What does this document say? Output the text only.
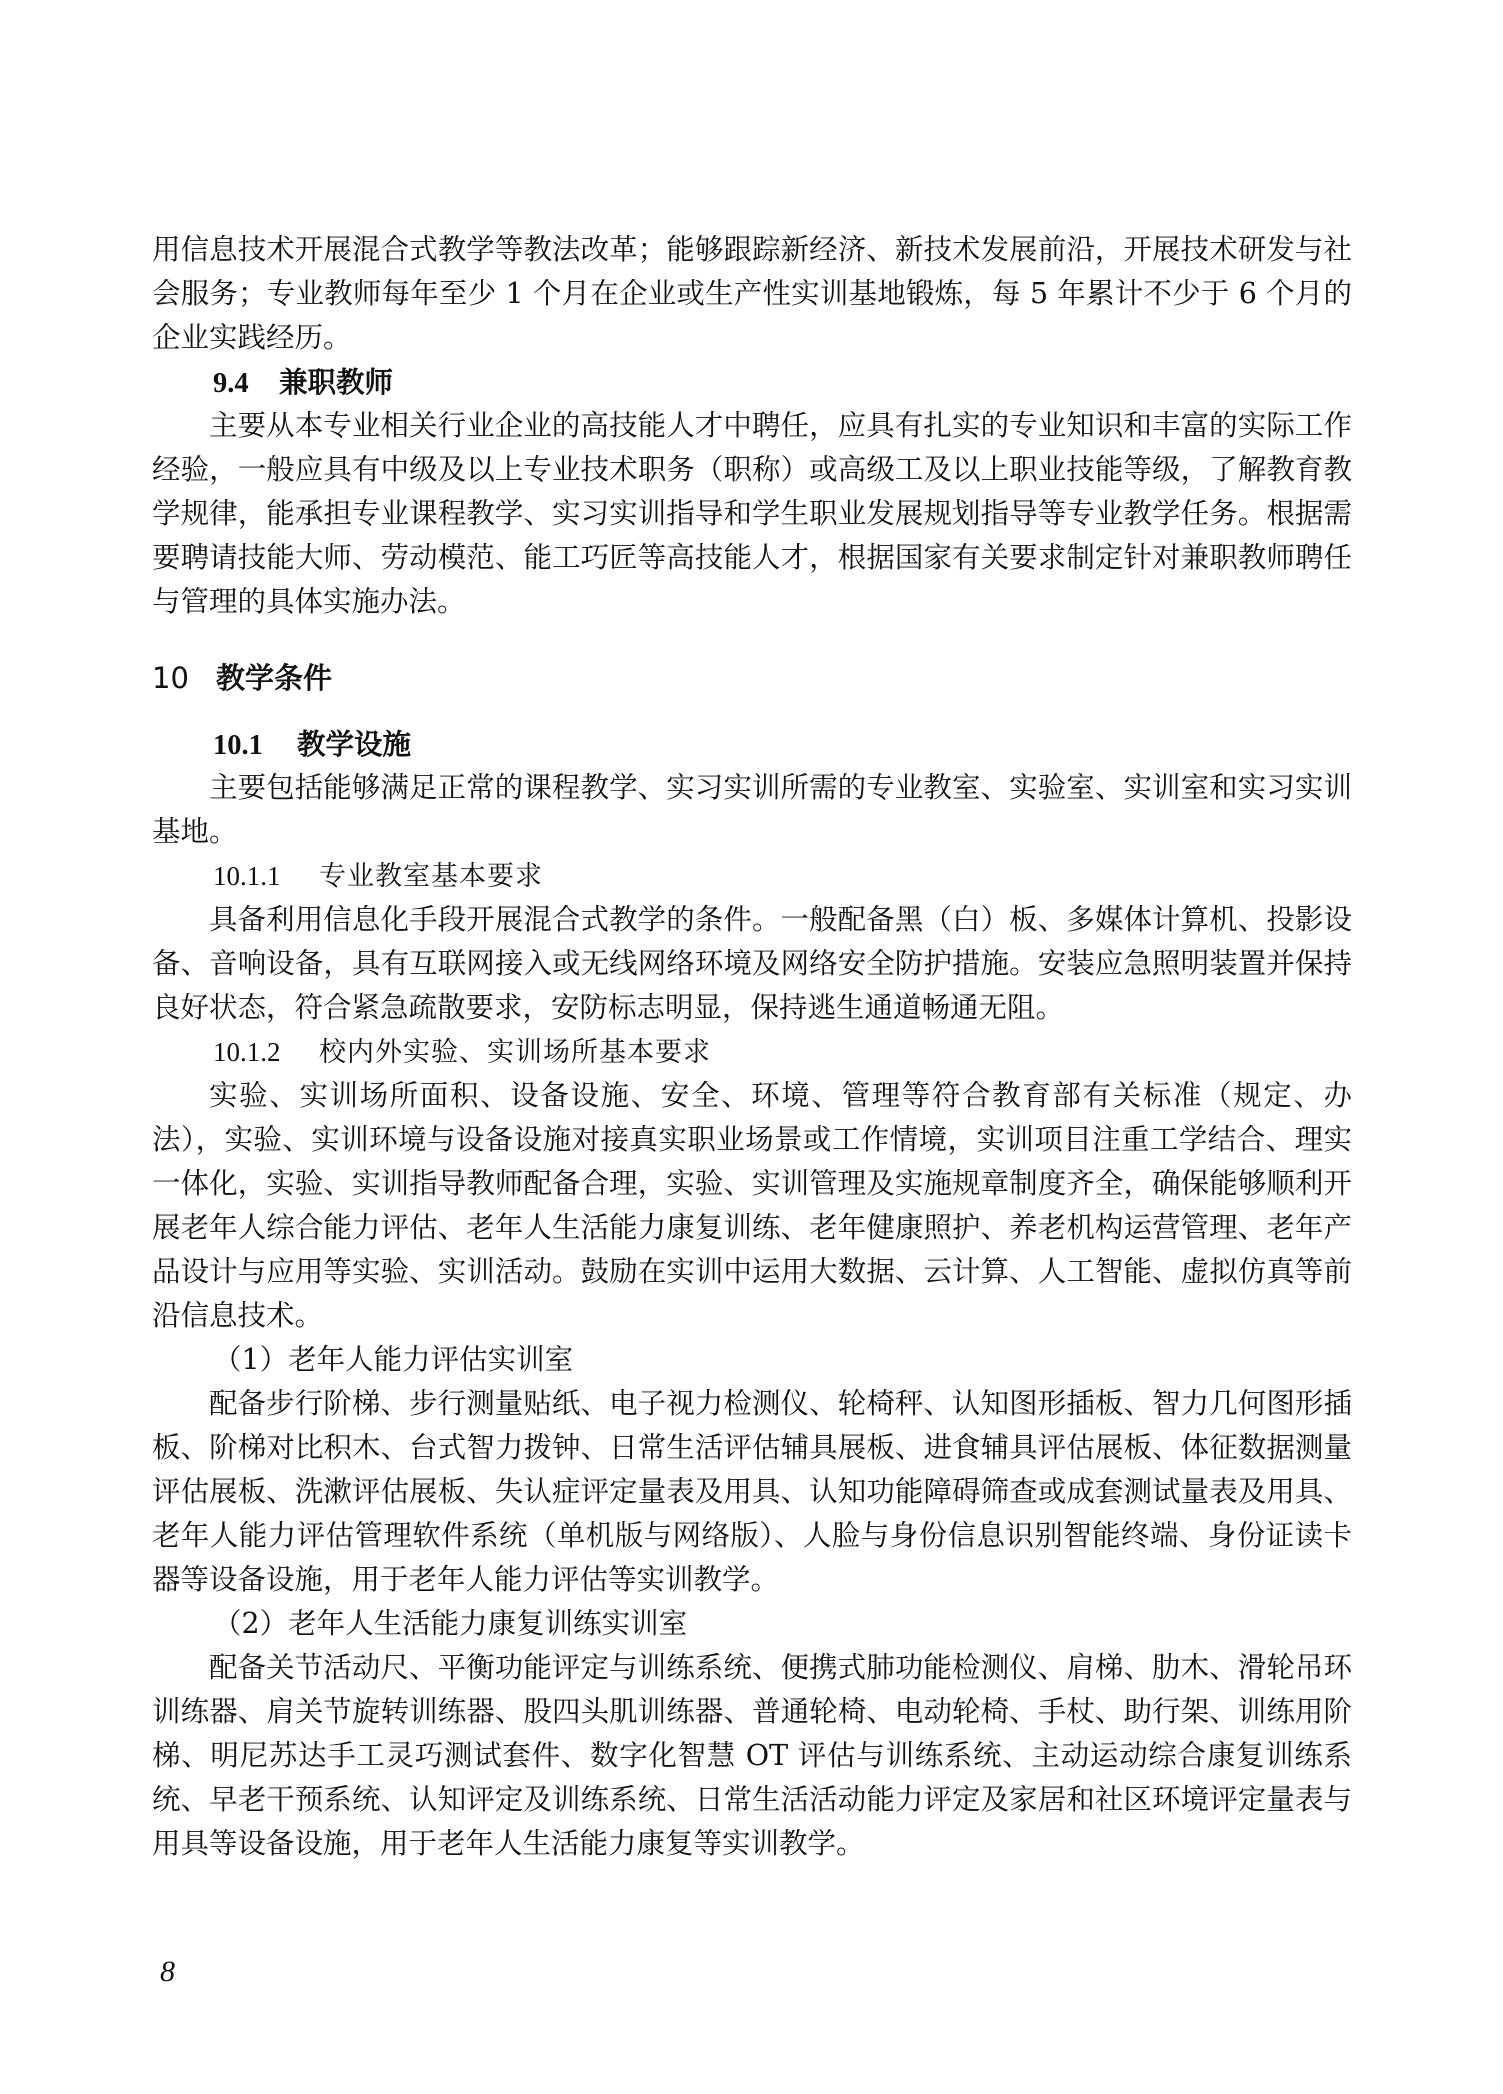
用信息技术开展混合式教学等教法改革；能够跟踪新经济、新技术发展前沿，开展技术研发与社会服务；专业教师每年至少 1 个月在企业或生产性实训基地锻炼，每 5 年累计不少于 6 个月的企业实践经历。

9.4 兼职教师

主要从本专业相关行业企业的高技能人才中聘任，应具有扎实的专业知识和丰富的实际工作经验，一般应具有中级及以上专业技术职务（职称）或高级工及以上职业技能等级，了解教育教学规律，能承担专业课程教学、实习实训指导和学生职业发展规划指导等专业教学任务。根据需要聘请技能大师、劳动模范、能工巧匠等高技能人才，根据国家有关要求制定针对兼职教师聘任与管理的具体实施办法。

10 教学条件
10.1 教学设施

主要包括能够满足正常的课程教学、实习实训所需的专业教室、实验室、实训室和实习实训基地。

10.1.1 专业教室基本要求

具备利用信息化手段开展混合式教学的条件。一般配备黑（白）板、多媒体计算机、投影设备、音响设备，具有互联网接入或无线网络环境及网络安全防护措施。安装应急照明装置并保持良好状态，符合紧急疏散要求，安防标志明显，保持逃生通道畅通无阻。

10.1.2 校内外实验、实训场所基本要求

实验、实训场所面积、设备设施、安全、环境、管理等符合教育部有关标准（规定、办法），实验、实训环境与设备设施对接真实职业场景或工作情境，实训项目注重工学结合、理实一体化，实验、实训指导教师配备合理，实验、实训管理及实施规章制度齐全，确保能够顺利开展老年人综合能力评估、老年人生活能力康复训练、老年健康照护、养老机构运营管理、老年产品设计与应用等实验、实训活动。鼓励在实训中运用大数据、云计算、人工智能、虚拟仿真等前沿信息技术。

（1）老年人能力评估实训室

配备步行阶梯、步行测量贴纸、电子视力检测仪、轮椅秤、认知图形插板、智力几何图形插板、阶梯对比积木、台式智力拨钟、日常生活评估辅具展板、进食辅具评估展板、体征数据测量评估展板、洗漱评估展板、失认症评定量表及用具、认知功能障碍筛查或成套测试量表及用具、老年人能力评估管理软件系统（单机版与网络版）、人脸与身份信息识别智能终端、身份证读卡器等设备设施，用于老年人能力评估等实训教学。

（2）老年人生活能力康复训练实训室

配备关节活动尺、平衡功能评定与训练系统、便携式肺功能检测仪、肩梯、肋木、滑轮吊环训练器、肩关节旋转训练器、股四头肌训练器、普通轮椅、电动轮椅、手杖、助行架、训练用阶梯、明尼苏达手工灵巧测试套件、数字化智慧 OT 评估与训练系统、主动运动综合康复训练系统、早老干预系统、认知评定及训练系统、日常生活活动能力评定及家居和社区环境评定量表与用具等设备设施，用于老年人生活能力康复等实训教学。

8
